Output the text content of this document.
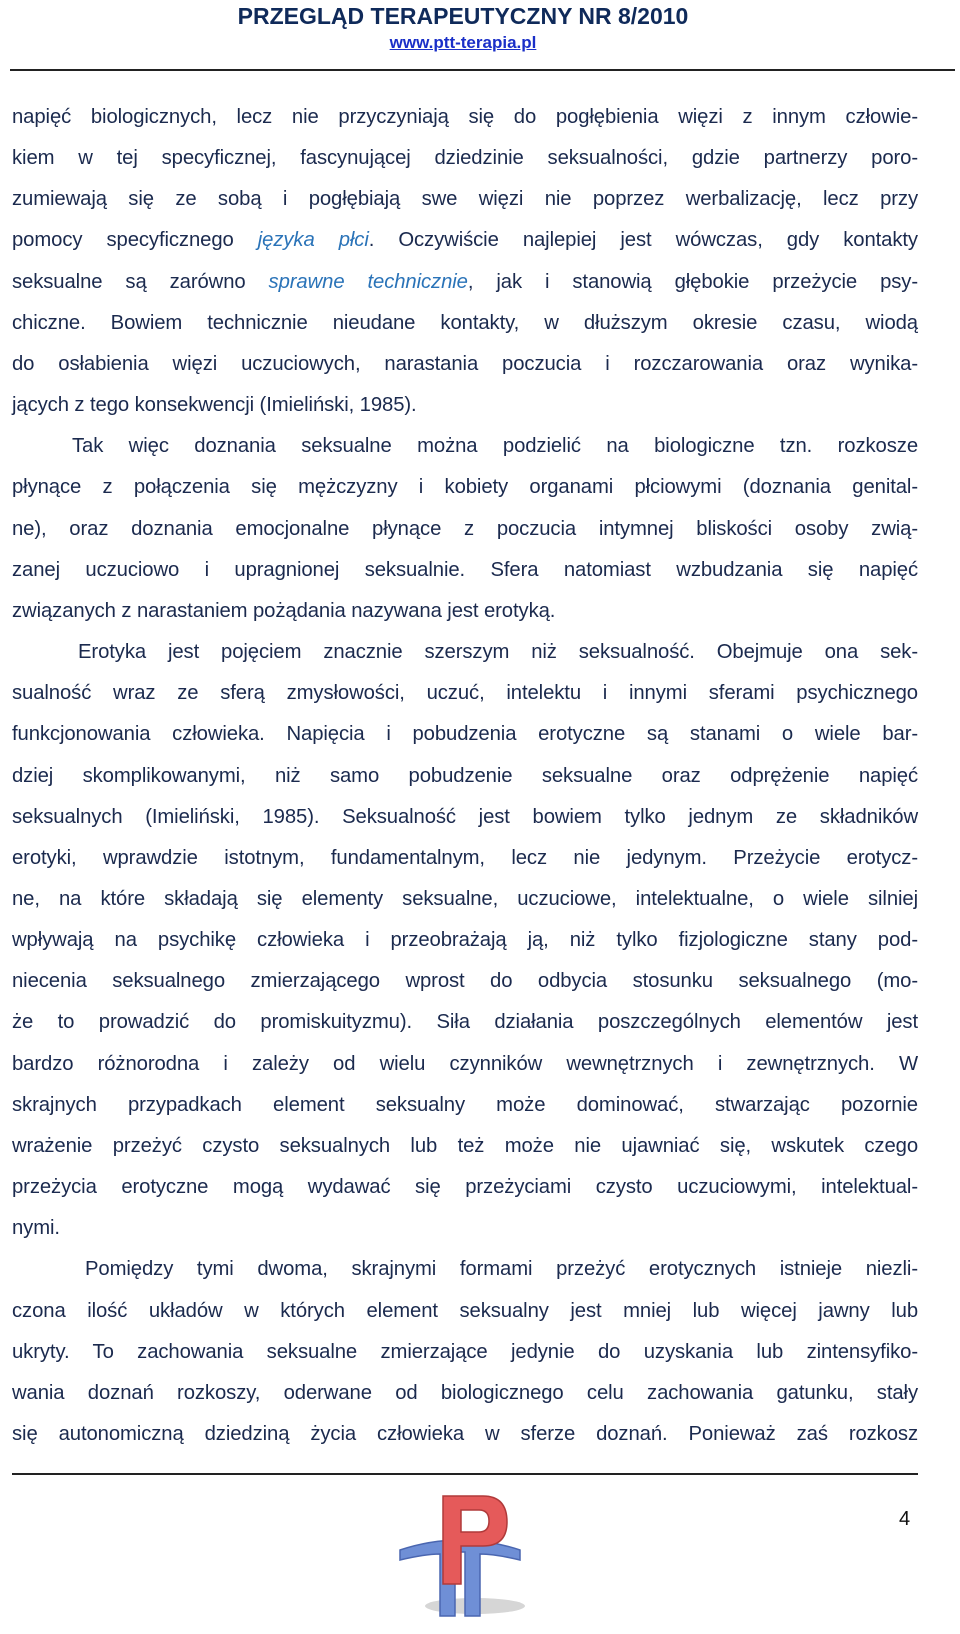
PRZEGLĄD TERAPEUTYCZNY NR 8/2010
www.ptt-terapia.pl
napięć biologicznych, lecz nie przyczyniają się do pogłębienia więzi z innym człowie-
kiem w tej specyficznej, fascynującej dziedzinie seksualności, gdzie partnerzy poro-
zumiewają się ze sobą i pogłębiają swe więzi nie poprzez werbalizację, lecz przy
pomocy specyficznego języka płci. Oczywiście najlepiej jest wówczas, gdy kontakty
seksualne są zarówno sprawne technicznie, jak i stanowią głębokie przeżycie psy-
chiczne. Bowiem technicznie nieudane kontakty, w dłuższym okresie czasu, wiodą
do osłabienia więzi uczuciowych, narastania poczucia i rozczarowania oraz wynika-
jących z tego konsekwencji (Imieliński, 1985).
Tak więc doznania seksualne można podzielić na biologiczne tzn. rozkosze
płynące z połączenia się mężczyzny i kobiety organami płciowymi (doznania genital-
ne), oraz doznania emocjonalne płynące z poczucia intymnej bliskości osoby zwią-
zanej uczuciowo i upragnionej seksualnie. Sfera natomiast wzbudzania się napięć
związanych z narastaniem pożądania nazywana jest erotyką.
Erotyka jest pojęciem znacznie szerszym niż seksualność. Obejmuje ona sek-
sualność wraz ze sferą zmysłowości, uczuć, intelektu i innymi sferami psychicznego
funkcjonowania człowieka. Napięcia i pobudzenia erotyczne są stanami o wiele bar-
dziej skomplikowanymi, niż samo pobudzenie seksualne oraz odprężenie napięć
seksualnych (Imieliński, 1985). Seksualność jest bowiem tylko jednym ze składników
erotyki, wprawdzie istotnym, fundamentalnym, lecz nie jedynym. Przeżycie erotycz-
ne, na które składają się elementy seksualne, uczuciowe, intelektualne, o wiele silniej
wpływają na psychikę człowieka i przeobrażają ją, niż tylko fizjologiczne stany pod-
niecenia seksualnego zmierzającego wprost do odbycia stosunku seksualnego (mo-
że to prowadzić do promiskuityzmu). Siła działania poszczególnych elementów jest
bardzo różnorodna i zależy od wielu czynników wewnętrznych i zewnętrznych. W
skrajnych przypadkach element seksualny może dominować, stwarzając pozornie
wrażenie przeżyć czysto seksualnych lub też może nie ujawniać się, wskutek czego
przeżycia erotyczne mogą wydawać się przeżyciami czysto uczuciowymi, intelektual-
nymi.
Pomiędzy tymi dwoma, skrajnymi formami przeżyć erotycznych istnieje niezli-
czona ilość układów w których element seksualny jest mniej lub więcej jawny lub
ukryty. To zachowania seksualne zmierzające jedynie do uzyskania lub zintensyfiko-
wania doznań rozkoszy, oderwane od biologicznego celu zachowania gatunku, stały
się autonomiczną dziedziną życia człowieka w sferze doznań. Ponieważ zaś rozkosz
4
